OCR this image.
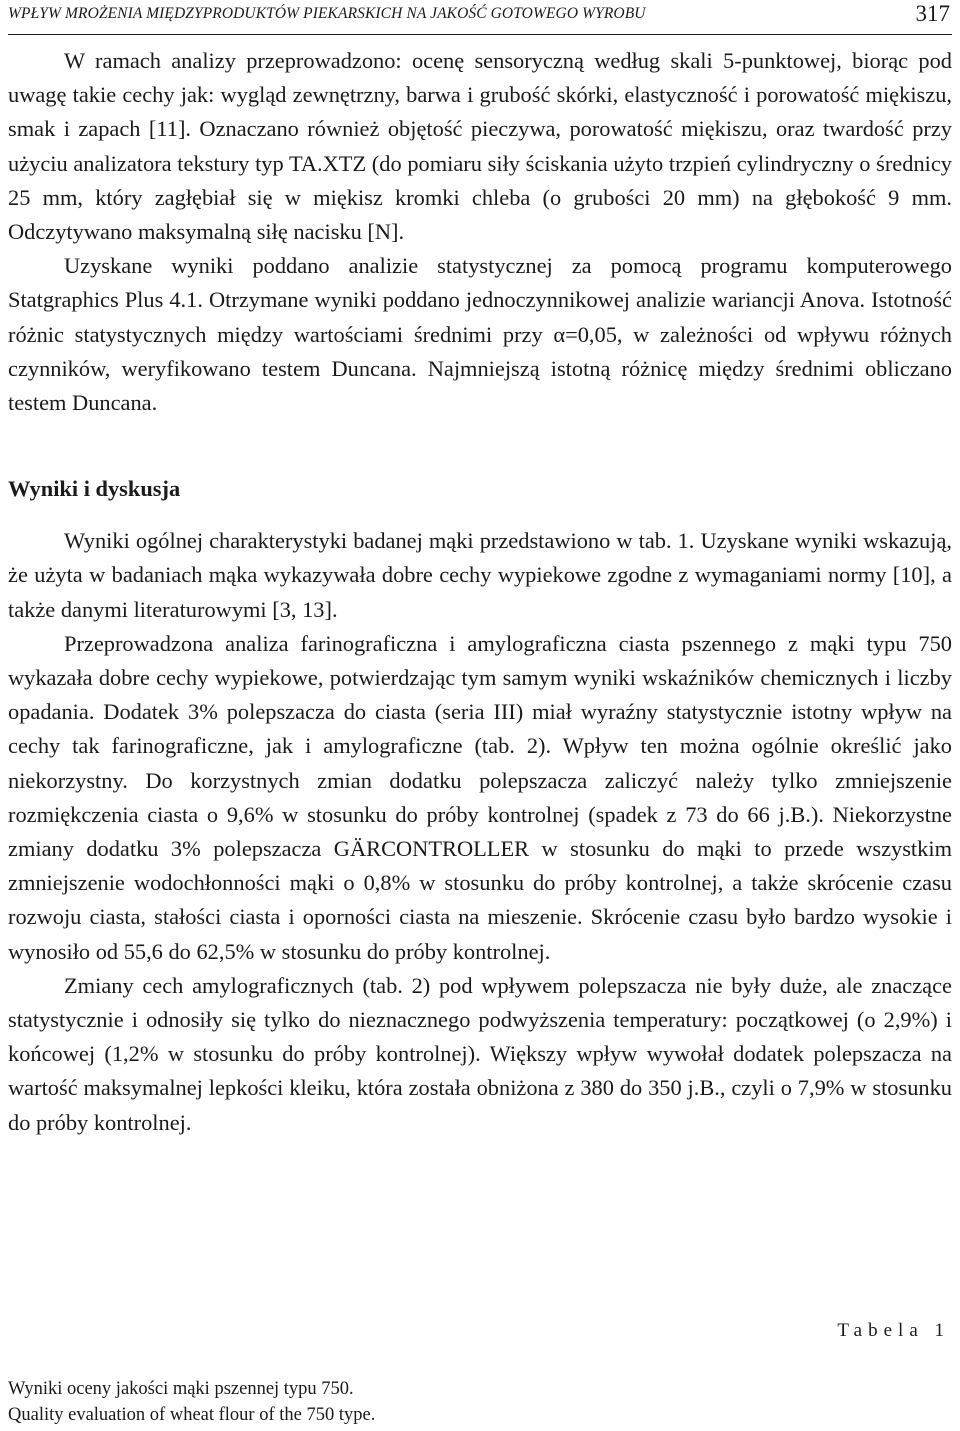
WPŁYW MROŻENIA MIĘDZYPRODUKTÓW PIEKARSKICH NA JAKOŚĆ GOTOWEGO WYROBU	317

W ramach analizy przeprowadzono: ocenę sensoryczną według skali 5-punktowej, biorąc pod uwagę takie cechy jak: wygląd zewnętrzny, barwa i grubość skórki, elastyczność i porowatość miękiszu, smak i zapach [11]. Oznaczano również objętość pieczywa, porowatość miękiszu, oraz twardość przy użyciu analizatora tekstury typ TA.XTZ (do pomiaru siły ściskania użyto trzpień cylindryczny o średnicy 25 mm, który zagłębiał się w miękisz kromki chleba (o grubości 20 mm) na głębokość 9 mm. Odczytywano maksymalną siłę nacisku [N].

Uzyskane wyniki poddano analizie statystycznej za pomocą programu komputerowego Statgraphics Plus 4.1. Otrzymane wyniki poddano jednoczynnikowej analizie wariancji Anova. Istotność różnic statystycznych między wartościami średnimi przy α=0,05, w zależności od wpływu różnych czynników, weryfikowano testem Duncana. Najmniejszą istotną różnicę między średnimi obliczano testem Duncana.

Wyniki i dyskusja

Wyniki ogólnej charakterystyki badanej mąki przedstawiono w tab. 1. Uzyskane wyniki wskazują, że użyta w badaniach mąka wykazywała dobre cechy wypiekowe zgodne z wymaganiami normy [10], a także danymi literaturowymi [3, 13].

Przeprowadzona analiza farinograficzna i amylograficzna ciasta pszennego z mąki typu 750 wykazała dobre cechy wypiekowe, potwierdzając tym samym wyniki wskaźników chemicznych i liczby opadania. Dodatek 3% polepszacza do ciasta (seria III) miał wyraźny statystycznie istotny wpływ na cechy tak farinograficzne, jak i amylograficzne (tab. 2). Wpływ ten można ogólnie określić jako niekorzystny. Do korzystnych zmian dodatku polepszacza zaliczyć należy tylko zmniejszenie rozmiękczenia ciasta o 9,6% w stosunku do próby kontrolnej (spadek z 73 do 66 j.B.). Niekorzystne zmiany dodatku 3% polepszacza GÄRCONTROLLER w stosunku do mąki to przede wszystkim zmniejszenie wodochłonności mąki o 0,8% w stosunku do próby kontrolnej, a także skrócenie czasu rozwoju ciasta, stałości ciasta i oporności ciasta na mieszenie. Skrócenie czasu było bardzo wysokie i wynosiło od 55,6 do 62,5% w stosunku do próby kontrolnej.

Zmiany cech amylograficznych (tab. 2) pod wpływem polepszacza nie były duże, ale znaczące statystycznie i odnosiły się tylko do nieznacznego podwyższenia temperatury: początkowej (o 2,9%) i końcowej (1,2% w stosunku do próby kontrolnej). Większy wpływ wywołał dodatek polepszacza na wartość maksymalnej lepkości kleiku, która została obniżona z 380 do 350 j.B., czyli o 7,9% w stosunku do próby kontrolnej.

Tabela 1
Wyniki oceny jakości mąki pszennej typu 750.
Quality evaluation of wheat flour of the 750 type.
